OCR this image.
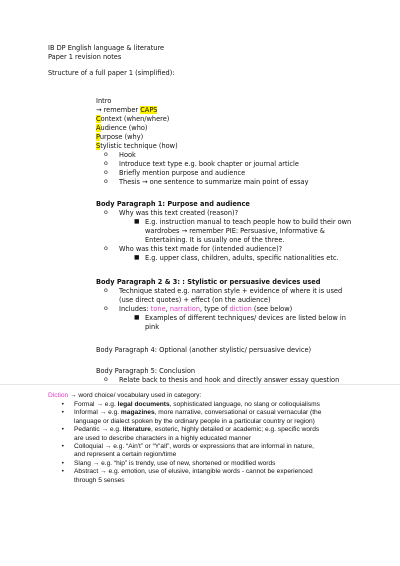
IB DP English language & literature
Paper 1 revision notes
Structure of a full paper 1 (simplified):
Intro
→ remember CAPS
Context (when/where)
Audience (who)
Purpose (why)
Stylistic technique (how)
o Hook
o Introduce text type e.g. book chapter or journal article
o Briefly mention purpose and audience
o Thesis → one sentence to summarize main point of essay
Body Paragraph 1: Purpose and audience
o Why was this text created (reason)?
■ E.g. instruction manual to teach people how to build their own
wardrobes → remember PIE: Persuasive, Informative &
Entertaining. It is usually one of the three.
o Who was this text made for (intended audience)?
■ E.g. upper class, children, adults, specific nationalities etc.
Body Paragraph 2 & 3: : Stylistic or persuasive devices used
o Technique stated e.g. narration style + evidence of where it is used
(use direct quotes) + effect (on the audience)
o Includes: tone, narration, type of diction (see below)
■ Examples of different techniques/ devices are listed below in
pink
Body Paragraph 4: Optional (another stylistic/ persuasive device)
Body Paragraph 5: Conclusion
o Relate back to thesis and hook and directly answer essay question
Diction → word choice/ vocabulary used in category:
• Formal → e.g. legal documents, sophisticated language, no slang or colloquialisms
• Informal → e.g. magazines, more narrative, conversational or casual vernacular (the
language or dialect spoken by the ordinary people in a particular country or region)
• Pedantic → e.g. literature, esoteric, highly detailed or academic; e.g. specific words
are used to describe characters in a highly educated manner
• Colloquial → e.g. “Ain't” or “Y'all”, words or expressions that are informal in nature,
and represent a certain region/time
• Slang → e.g. “hip” is trendy, use of new, shortened or modified words
• Abstract → e.g. emotion, use of elusive, intangible words - cannot be experienced
through 5 senses
